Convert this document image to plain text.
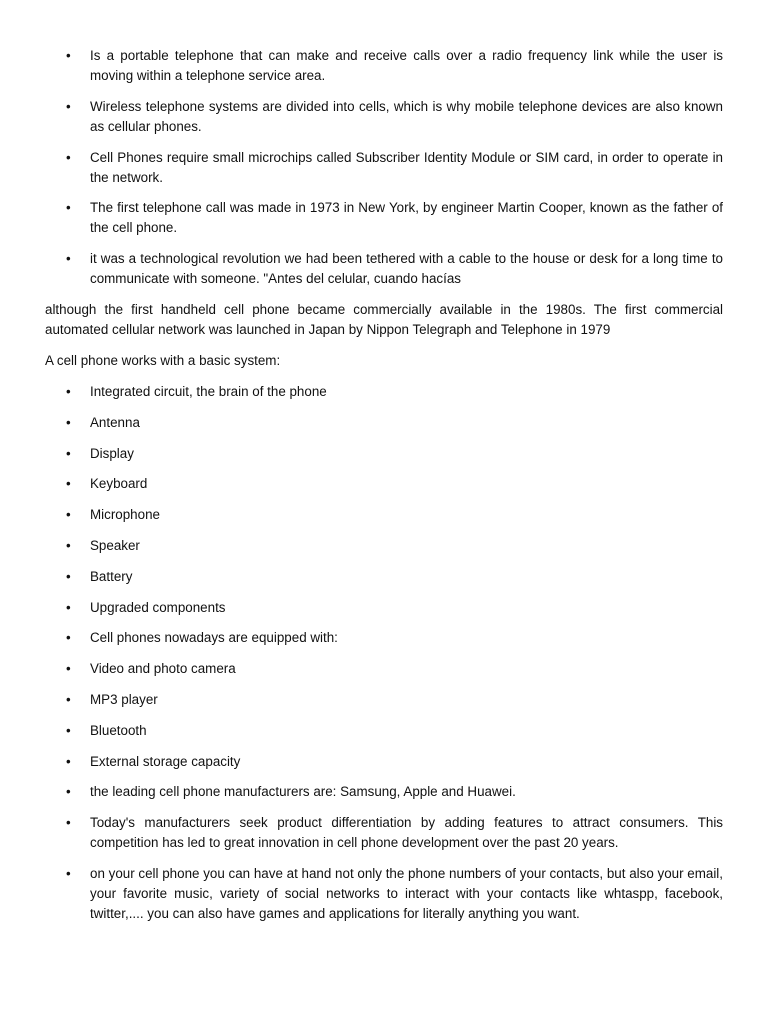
•	Is a portable telephone that can make and receive calls over a radio frequency link while the user is moving within a telephone service area.
•	Wireless telephone systems are divided into cells, which is why mobile telephone devices are also known as cellular phones.
•	Cell Phones require small microchips called Subscriber Identity Module or SIM card, in order to operate in the network.
•	The first telephone call was made in 1973 in New York, by engineer Martin Cooper, known as the father of the cell phone.
•	it was a technological revolution we had been tethered with a cable to the house or desk for a long time to communicate with someone. "Antes del celular, cuando hacías

although the first handheld cell phone became commercially available in the 1980s. The first commercial automated cellular network was launched in Japan by Nippon Telegraph and Telephone in 1979

A cell phone works with a basic system:

•	Integrated circuit, the brain of the phone
•	Antenna
•	Display
•	Keyboard
•	Microphone
•	Speaker
•	Battery
•	Upgraded components
•	Cell phones nowadays are equipped with:
•	Video and photo camera
•	MP3 player
•	Bluetooth
•	External storage capacity
•	the leading cell phone manufacturers are: Samsung, Apple and Huawei.
•	Today's manufacturers seek product differentiation by adding features to attract consumers. This competition has led to great innovation in cell phone development over the past 20 years.
•	on your cell phone you can have at hand not only the phone numbers of your contacts, but also your email, your favorite music, variety of social networks to interact with your contacts like whtaspp, facebook, twitter,.... you can also have games and applications for literally anything you want.
